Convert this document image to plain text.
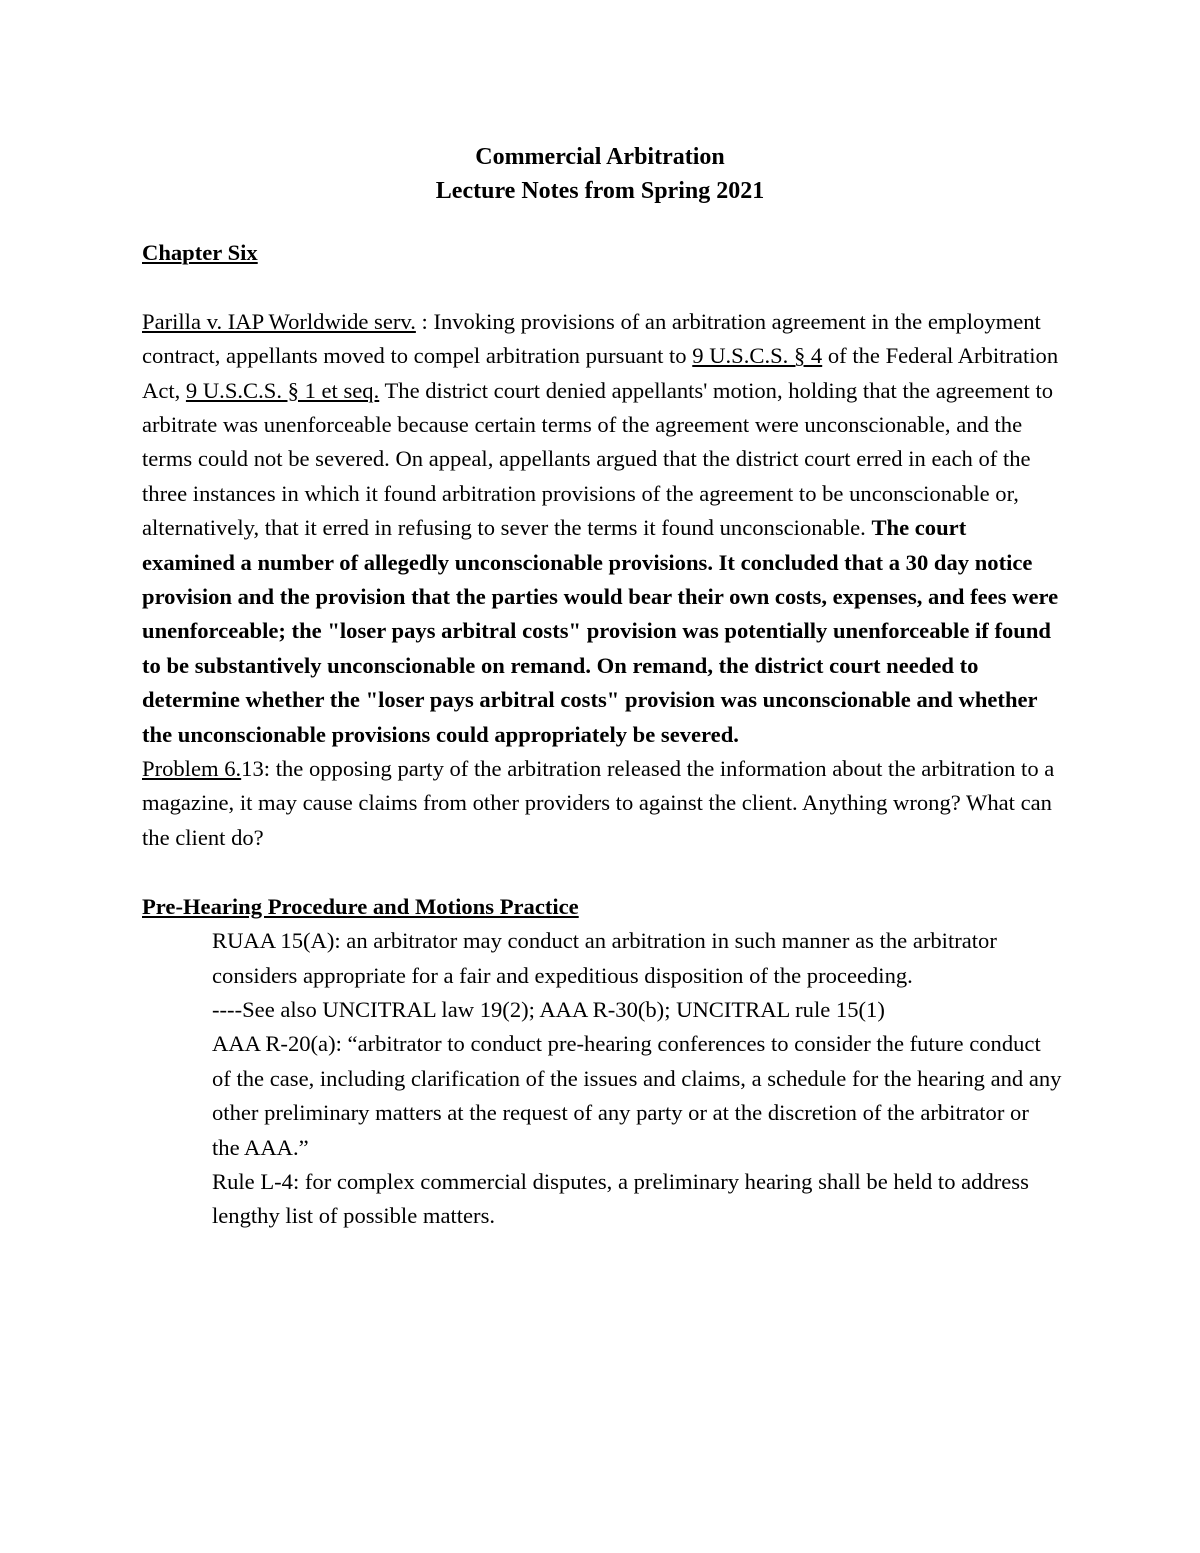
Commercial Arbitration
Lecture Notes from Spring 2021

Chapter Six

Parilla v. IAP Worldwide serv. : Invoking provisions of an arbitration agreement in the employment contract, appellants moved to compel arbitration pursuant to 9 U.S.C.S. § 4 of the Federal Arbitration Act, 9 U.S.C.S. § 1 et seq. The district court denied appellants' motion, holding that the agreement to arbitrate was unenforceable because certain terms of the agreement were unconscionable, and the terms could not be severed. On appeal, appellants argued that the district court erred in each of the three instances in which it found arbitration provisions of the agreement to be unconscionable or, alternatively, that it erred in refusing to sever the terms it found unconscionable. The court examined a number of allegedly unconscionable provisions. It concluded that a 30 day notice provision and the provision that the parties would bear their own costs, expenses, and fees were unenforceable; the "loser pays arbitral costs" provision was potentially unenforceable if found to be substantively unconscionable on remand. On remand, the district court needed to determine whether the "loser pays arbitral costs" provision was unconscionable and whether the unconscionable provisions could appropriately be severed.

Problem 6.13: the opposing party of the arbitration released the information about the arbitration to a magazine, it may cause claims from other providers to against the client. Anything wrong? What can the client do?

Pre-Hearing Procedure and Motions Practice

RUAA 15(A): an arbitrator may conduct an arbitration in such manner as the arbitrator considers appropriate for a fair and expeditious disposition of the proceeding.

----See also UNCITRAL law 19(2); AAA R-30(b); UNCITRAL rule 15(1)

AAA R-20(a): “arbitrator to conduct pre-hearing conferences to consider the future conduct of the case, including clarification of the issues and claims, a schedule for the hearing and any other preliminary matters at the request of any party or at the discretion of the arbitrator or the AAA.”

Rule L-4: for complex commercial disputes, a preliminary hearing shall be held to address lengthy list of possible matters.
